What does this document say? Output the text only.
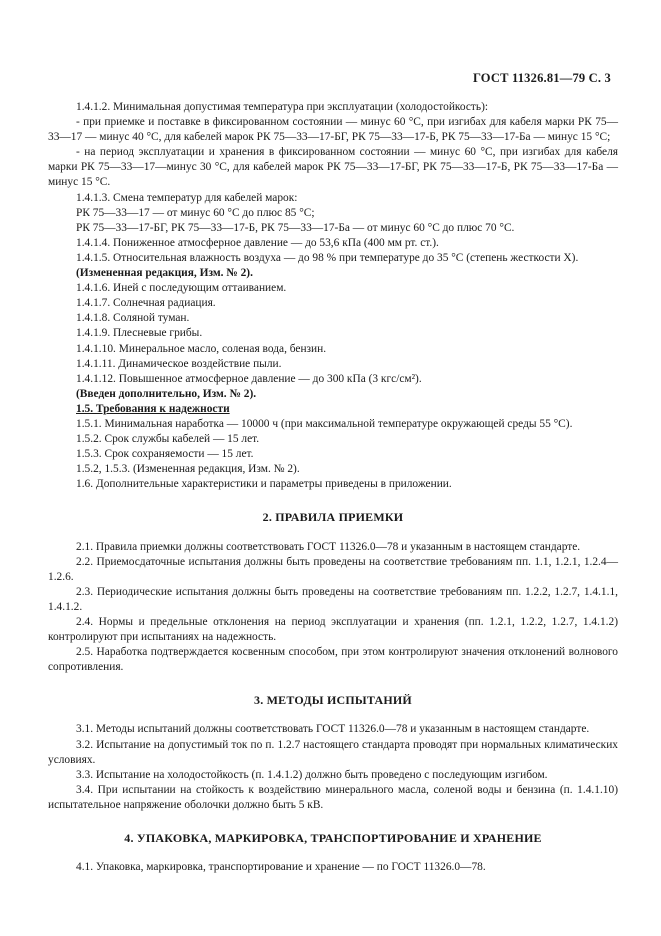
ГОСТ 11326.81—79 С. 3

1.4.1.2. Минимальная допустимая температура при эксплуатации (холодостойкость):

- при приемке и поставке в фиксированном состоянии — минус 60 °С, при изгибах для кабеля марки РК 75—33—17 — минус 40 °С, для кабелей марок РК 75—33—17-БГ, РК 75—33—17-Б, РК 75—33—17-Ба — минус 15 °С;

- на период эксплуатации и хранения в фиксированном состоянии — минус 60 °С, при изгибах для кабеля марки РК 75—33—17—минус 30 °С, для кабелей марок РК 75—33—17-БГ, РК 75—33—17-Б, РК 75—33—17-Ба — минус 15 °С.

1.4.1.3. Смена температур для кабелей марок:

РК 75—33—17 — от минус 60 °С до плюс 85 °С;

РК 75—33—17-БГ, РК 75—33—17-Б, РК 75—33—17-Ба — от минус 60 °С до плюс 70 °С.

1.4.1.4. Пониженное атмосферное давление — до 53,6 кПа (400 мм рт. ст.).

1.4.1.5. Относительная влажность воздуха — до 98 % при температуре до 35 °С (степень жесткости X).

(Измененная редакция, Изм. № 2).

1.4.1.6. Иней с последующим оттаиванием.

1.4.1.7. Солнечная радиация.

1.4.1.8. Соляной туман.

1.4.1.9. Плесневые грибы.

1.4.1.10. Минеральное масло, соленая вода, бензин.

1.4.1.11. Динамическое воздействие пыли.

1.4.1.12. Повышенное атмосферное давление — до 300 кПа (3 кгс/см²).

(Введен дополнительно, Изм. № 2).

1.5. Требования к надежности

1.5.1. Минимальная наработка — 10000 ч (при максимальной температуре окружающей среды 55 °С).

1.5.2. Срок службы кабелей — 15 лет.

1.5.3. Срок сохраняемости — 15 лет.

1.5.2, 1.5.3. (Измененная редакция, Изм. № 2).

1.6. Дополнительные характеристики и параметры приведены в приложении.

2. ПРАВИЛА ПРИЕМКИ

2.1. Правила приемки должны соответствовать ГОСТ 11326.0—78 и указанным в настоящем стандарте.

2.2. Приемосдаточные испытания должны быть проведены на соответствие требованиям пп. 1.1, 1.2.1, 1.2.4—1.2.6.

2.3. Периодические испытания должны быть проведены на соответствие требованиям пп. 1.2.2, 1.2.7, 1.4.1.1, 1.4.1.2.

2.4. Нормы и предельные отклонения на период эксплуатации и хранения (пп. 1.2.1, 1.2.2, 1.2.7, 1.4.1.2) контролируют при испытаниях на надежность.

2.5. Наработка подтверждается косвенным способом, при этом контролируют значения отклонений волнового сопротивления.

3. МЕТОДЫ ИСПЫТАНИЙ

3.1. Методы испытаний должны соответствовать ГОСТ 11326.0—78 и указанным в настоящем стандарте.

3.2. Испытание на допустимый ток по п. 1.2.7 настоящего стандарта проводят при нормальных климатических условиях.

3.3. Испытание на холодостойкость (п. 1.4.1.2) должно быть проведено с последующим изгибом.

3.4. При испытании на стойкость к воздействию минерального масла, соленой воды и бензина (п. 1.4.1.10) испытательное напряжение оболочки должно быть 5 кВ.

4. УПАКОВКА, МАРКИРОВКА, ТРАНСПОРТИРОВАНИЕ И ХРАНЕНИЕ

4.1. Упаковка, маркировка, транспортирование и хранение — по ГОСТ 11326.0—78.
